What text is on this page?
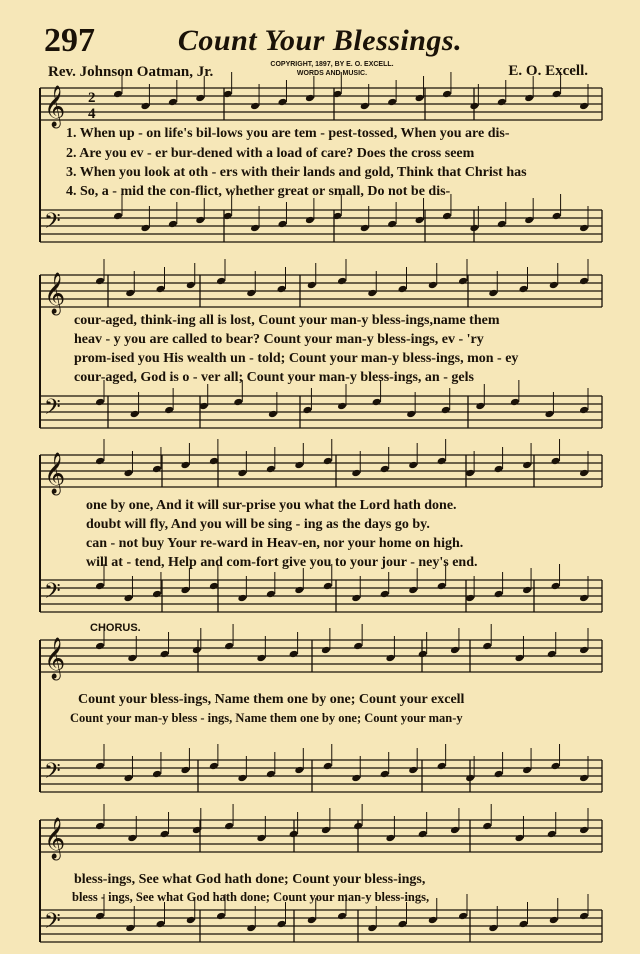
297	Count Your Blessings.
Rev. Johnson Oatman, Jr.	COPYRIGHT, 1897, BY E. O. EXCELL.
WORDS AND MUSIC.	E. O. Excell.
𝄞
𝄢
𝄞
𝄢
𝄞
𝄢
𝄞
𝄢
𝄞
𝄢
2
4
1. When up - on life's bil-lows you are tem - pest-tossed, When you are dis-
2. Are you ev - er bur-dened with a load of care? Does the cross seem
3. When you look at oth - ers with their lands and gold, Think that Christ has
4. So, a - mid the con-flict, whether great or small, Do not be dis-
cour-aged, think-ing all is lost, Count your man-y bless-ings,name them
heav - y you are called to bear? Count your man-y bless-ings, ev - 'ry
prom-ised you His wealth un - told; Count your man-y bless-ings, mon - ey
cour-aged, God is o - ver all; Count your man-y bless-ings, an - gels
one by one, And it will sur-prise you what the Lord hath done.
doubt will fly, And you will be sing - ing as the days go by.
can - not buy Your re-ward in Heav-en, nor your home on high.
will at - tend, Help and com-fort give you to your jour - ney's end.
CHORUS.
Count your bless-ings, Name them one by one; Count your excell
Count your man-y bless - ings, Name them one by one; Count your man-y
bless-ings, See what God hath done; Count your bless-ings,
bless - ings, See what God hath done; Count your man-y bless-ings,
